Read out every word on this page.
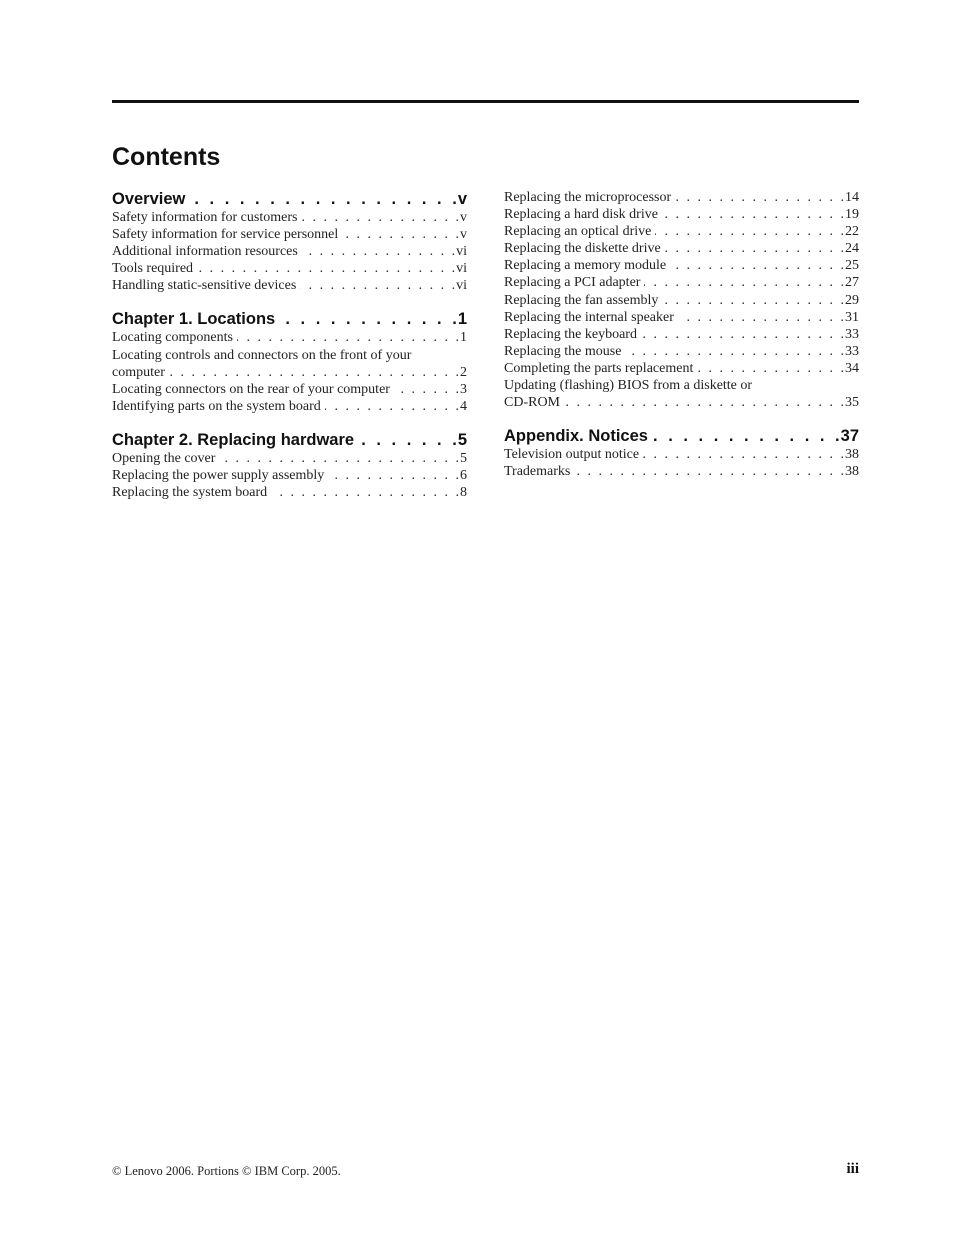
Contents
Overview . . .	v
Safety information for customers . . .	v
Safety information for service personnel . . .	v
Additional information resources . . .	vi
Tools required . . .	vi
Handling static-sensitive devices . . .	vi
Chapter 1. Locations . . .	1
Locating components . . .	1
Locating controls and connectors on the front of your
computer . . .	2
Locating connectors on the rear of your computer . . .	3
Identifying parts on the system board . . .	4
Chapter 2. Replacing hardware . . .	5
Opening the cover . . .	5
Replacing the power supply assembly . . .	6
Replacing the system board . . .	8
Replacing the microprocessor . . .	14
Replacing a hard disk drive . . .	19
Replacing an optical drive . . .	22
Replacing the diskette drive . . .	24
Replacing a memory module . . .	25
Replacing a PCI adapter . . .	27
Replacing the fan assembly . . .	29
Replacing the internal speaker . . .	31
Replacing the keyboard . . .	33
Replacing the mouse . . .	33
Completing the parts replacement . . .	34
Updating (flashing) BIOS from a diskette or
CD-ROM . . .	35
Appendix. Notices . . .	37
Television output notice . . .	38
Trademarks . . .	38
© Lenovo 2006. Portions © IBM Corp. 2005.	iii
